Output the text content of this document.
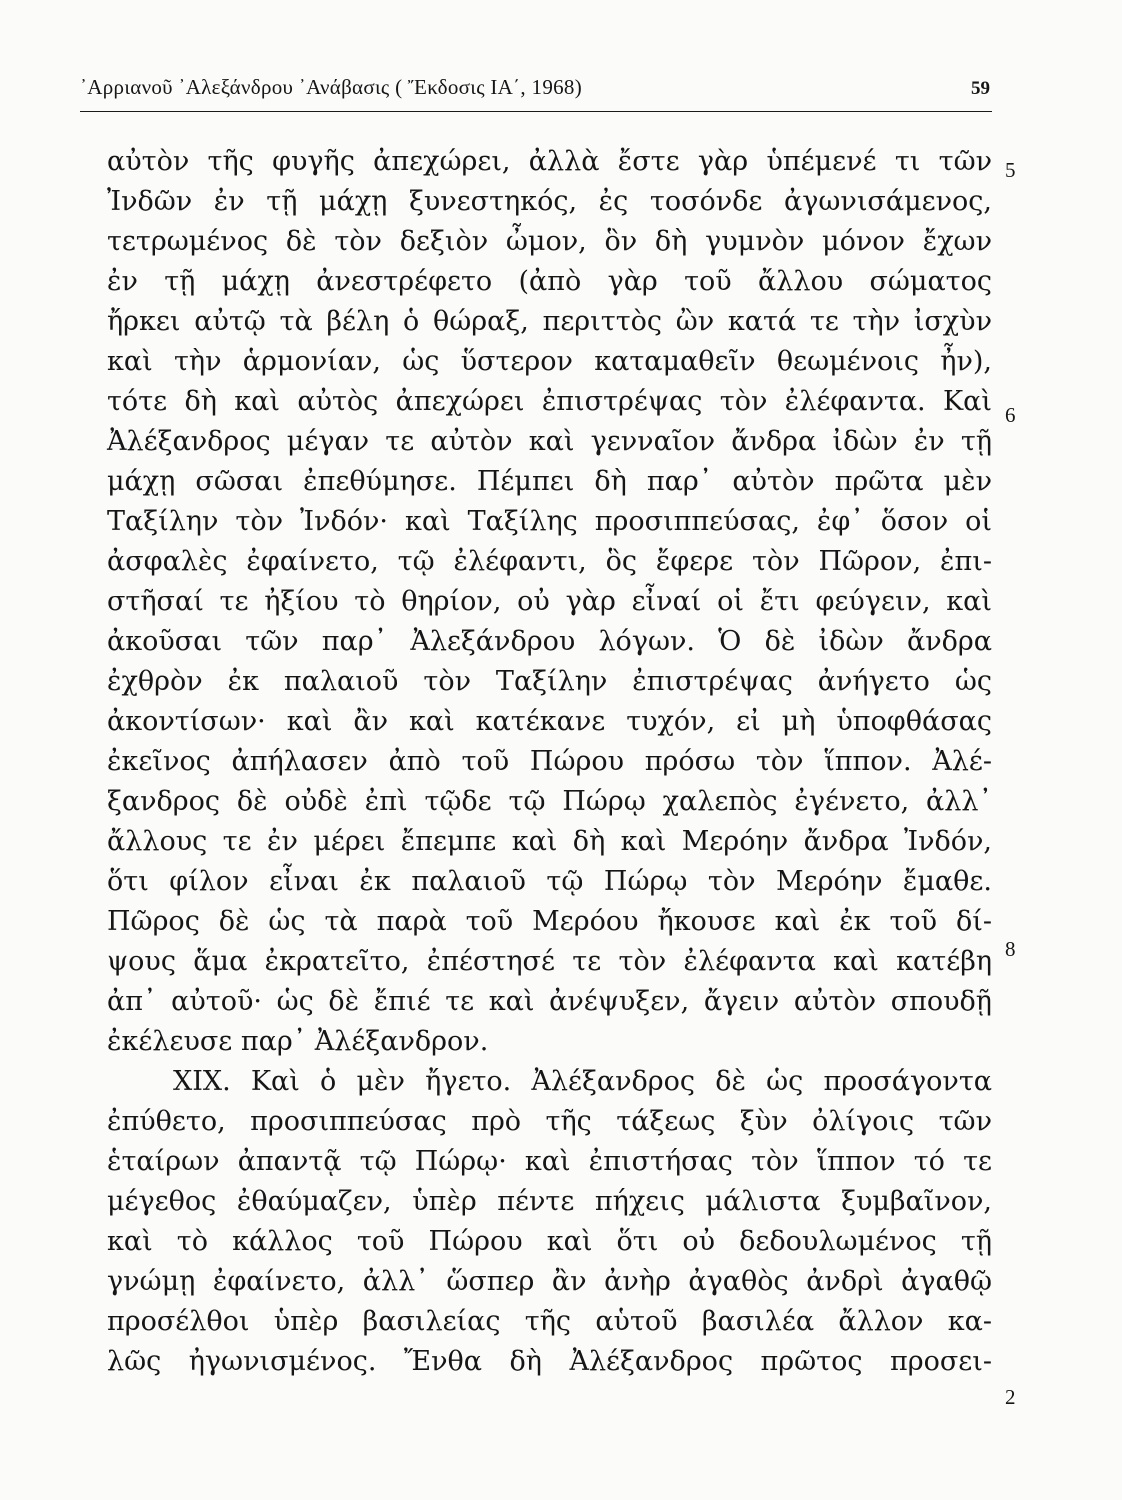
᾿Αρριανοῦ ᾿Αλεξάνδρου ᾿Ανάβασις ( Ἔκδοσις ΙΑ΄, 1968)	59
αὐτὸν τῆς φυγῆς ἀπεχώρει, ἀλλὰ ἔστε γὰρ ὑπέμενέ τι τῶν
Ἰνδῶν ἐν τῇ μάχῃ ξυνεστηκός, ἐς τοσόνδε ἀγωνισάμενος,
τετρωμένος δὲ τὸν δεξιὸν ὦμον, ὃν δὴ γυμνὸν μόνον ἔχων
ἐν τῇ μάχῃ ἀνεστρέφετο (ἀπὸ γὰρ τοῦ ἄλλου σώματος
ἤρκει αὐτῷ τὰ βέλη ὁ θώραξ, περιττὸς ὢν κατά τε τὴν ἰσχὺν
καὶ τὴν ἁρμονίαν, ὡς ὕστερον καταμαθεῖν θεωμένοις ἦν),
τότε δὴ καὶ αὐτὸς ἀπεχώρει ἐπιστρέψας τὸν ἐλέφαντα. Καὶ
Ἀλέξανδρος μέγαν τε αὐτὸν καὶ γενναῖον ἄνδρα ἰδὼν ἐν τῇ
μάχῃ σῶσαι ἐπεθύμησε. Πέμπει δὴ παρ᾿ αὐτὸν πρῶτα μὲν
Ταξίλην τὸν Ἰνδόν· καὶ Ταξίλης προσιππεύσας, ἐφ᾿ ὅσον οἱ
ἀσφαλὲς ἐφαίνετο, τῷ ἐλέφαντι, ὃς ἔφερε τὸν Πῶρον, ἐπι-
στῆσαί τε ἠξίου τὸ θηρίον, οὐ γὰρ εἶναί οἱ ἔτι φεύγειν, καὶ
ἀκοῦσαι τῶν παρ᾿ Ἀλεξάνδρου λόγων. Ὁ δὲ ἰδὼν ἄνδρα
ἐχθρὸν ἐκ παλαιοῦ τὸν Ταξίλην ἐπιστρέψας ἀνήγετο ὡς
ἀκοντίσων· καὶ ἂν καὶ κατέκανε τυχόν, εἰ μὴ ὑποφθάσας
ἐκεῖνος ἀπήλασεν ἀπὸ τοῦ Πώρου πρόσω τὸν ἵππον. Ἀλέ-
ξανδρος δὲ οὐδὲ ἐπὶ τῷδε τῷ Πώρῳ χαλεπὸς ἐγένετο, ἀλλ᾿
ἄλλους τε ἐν μέρει ἔπεμπε καὶ δὴ καὶ Μερόην ἄνδρα Ἰνδόν,
ὅτι φίλον εἶναι ἐκ παλαιοῦ τῷ Πώρῳ τὸν Μερόην ἔμαθε.
Πῶρος δὲ ὡς τὰ παρὰ τοῦ Μερόου ἤκουσε καὶ ἐκ τοῦ δί-
ψους ἅμα ἐκρατεῖτο, ἐπέστησέ τε τὸν ἐλέφαντα καὶ κατέβη
ἀπ᾿ αὐτοῦ· ὡς δὲ ἔπιέ τε καὶ ἀνέψυξεν, ἄγειν αὐτὸν σπουδῇ
ἐκέλευσε παρ᾿ Ἀλέξανδρον.
XIX. Καὶ ὁ μὲν ἤγετο. Ἀλέξανδρος δὲ ὡς προσάγοντα
ἐπύθετο, προσιππεύσας πρὸ τῆς τάξεως ξὺν ὀλίγοις τῶν
ἑταίρων ἀπαντᾷ τῷ Πώρῳ· καὶ ἐπιστήσας τὸν ἵππον τό τε
μέγεθος ἐθαύμαζεν, ὑπὲρ πέντε πήχεις μάλιστα ξυμβαῖνον,
καὶ τὸ κάλλος τοῦ Πώρου καὶ ὅτι οὐ δεδουλωμένος τῇ
γνώμῃ ἐφαίνετο, ἀλλ᾿ ὥσπερ ἂν ἀνὴρ ἀγαθὸς ἀνδρὶ ἀγαθῷ
προσέλθοι ὑπὲρ βασιλείας τῆς αὑτοῦ βασιλέα ἄλλον κα-
λῶς ἠγωνισμένος. Ἔνθα δὴ Ἀλέξανδρος πρῶτος προσει-
5
6
8
2
